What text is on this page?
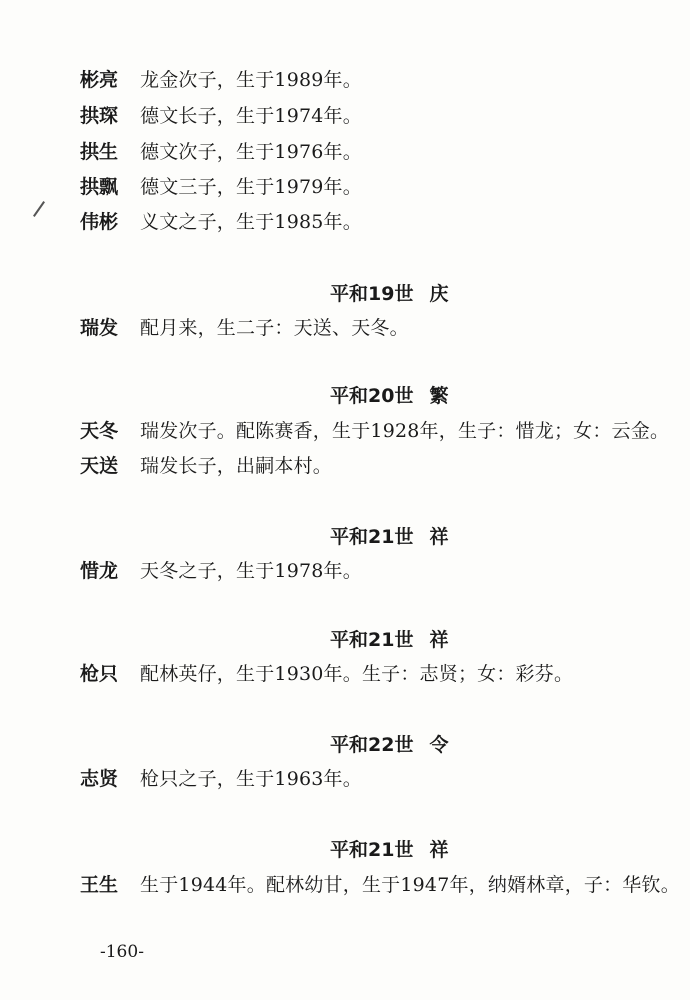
彬亮 龙金次子，生于1989年。
拱琛 德文长子，生于1974年。
拱生 德文次子，生于1976年。
拱飘 德文三子，生于1979年。
伟彬 义文之子，生于1985年。
平和19世 庆
瑞发 配月来，生二子：天送、天冬。
平和20世 繁
天冬 瑞发次子。配陈赛香，生于1928年，生子：惜龙；女：云金。
天送 瑞发长子，出嗣本村。
平和21世 祥
惜龙 天冬之子，生于1978年。
平和21世 祥
枪只 配林英仔，生于1930年。生子：志贤；女：彩芬。
平和22世 令
志贤 枪只之子，生于1963年。
平和21世 祥
王生 生于1944年。配林幼甘，生于1947年，纳婿林章，子：华钦。
-160-
